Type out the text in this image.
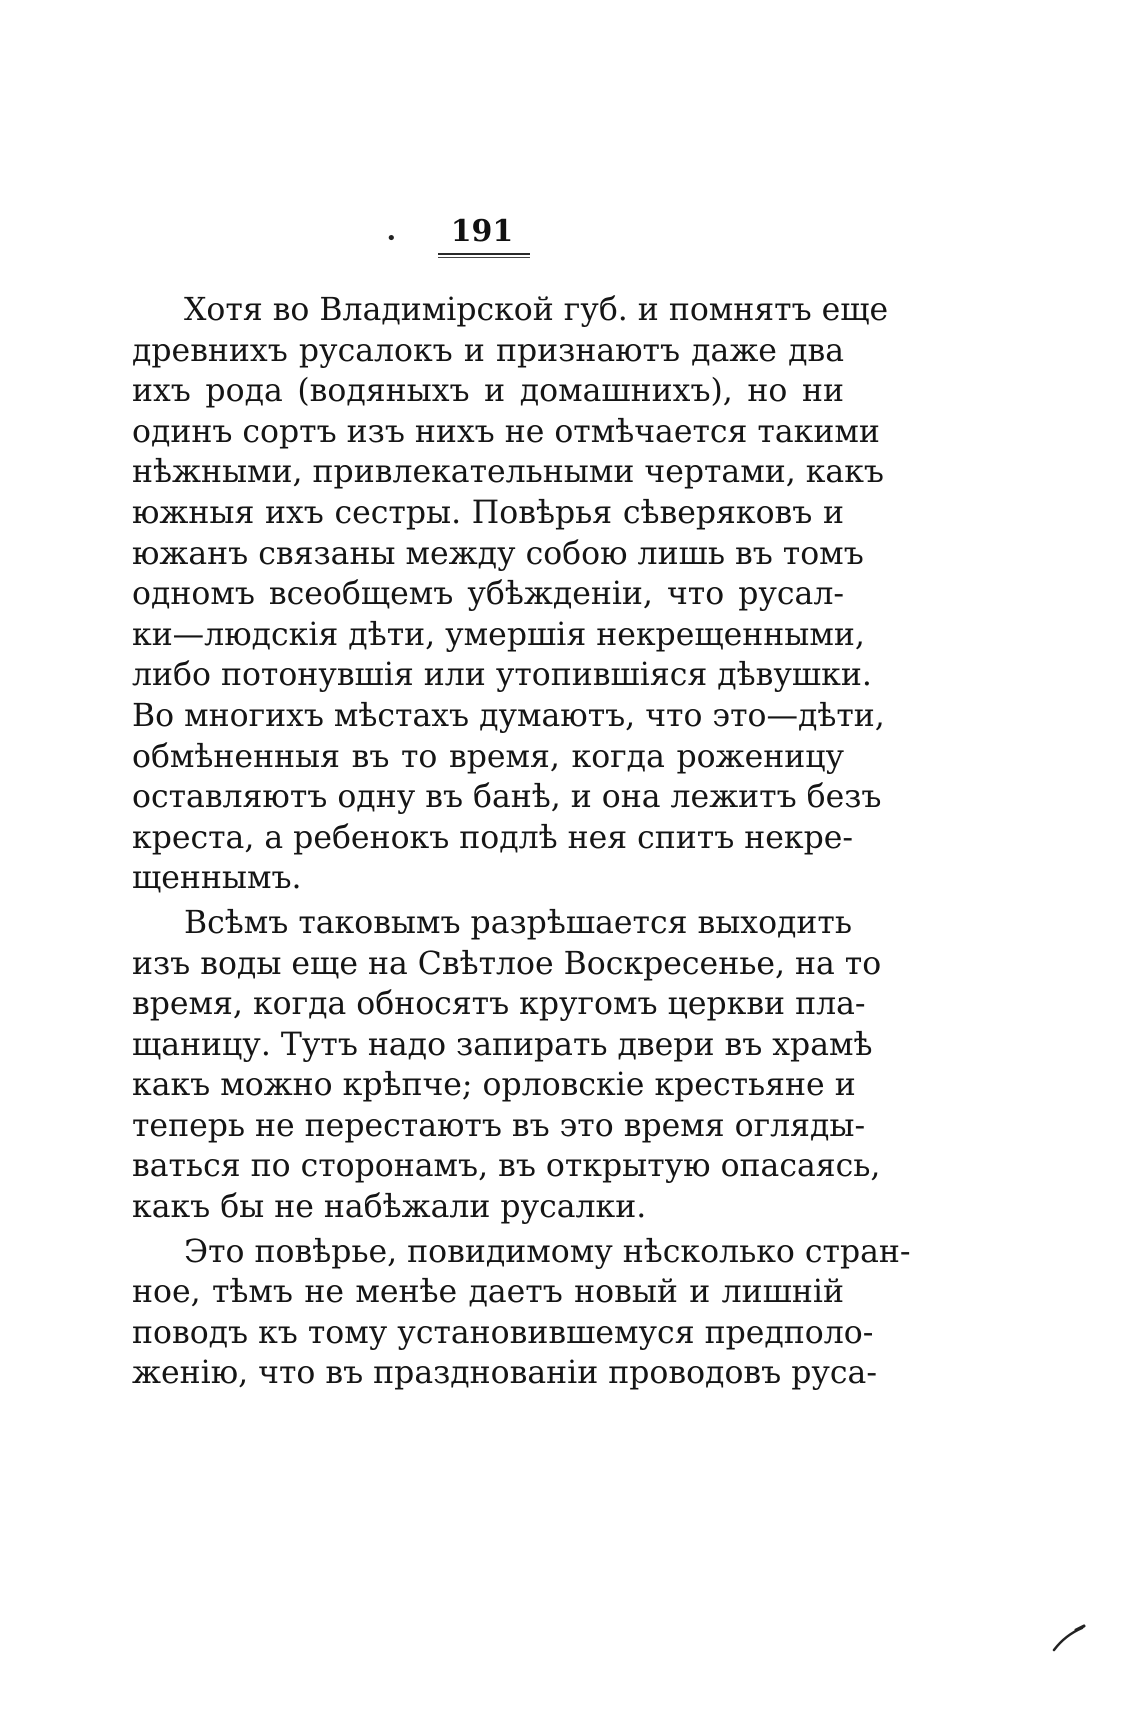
• 191
Хотя во Владимірской губ. и помнятъ еще
древнихъ русалокъ и признаютъ даже два
ихъ рода (водяныхъ и домашнихъ), но ни
одинъ сортъ изъ нихъ не отмѣчается такими
нѣжными, привлекательными чертами, какъ
южныя ихъ сестры. Повѣрья сѣверяковъ и
южанъ связаны между собою лишь въ томъ
одномъ всеобщемъ убѣжденіи, что русал-
ки—людскія дѣти, умершія некрещенными,
либо потонувшія или утопившіяся дѣвушки.
Во многихъ мѣстахъ думаютъ, что это—дѣти,
обмѣненныя въ то время, когда роженицу
оставляютъ одну въ банѣ, и она лежитъ безъ
креста, а ребенокъ подлѣ нея спитъ некре-
щеннымъ.
Всѣмъ таковымъ разрѣшается выходить
изъ воды еще на Свѣтлое Воскресенье, на то
время, когда обносятъ кругомъ церкви пла-
щаницу. Тутъ надо запирать двери въ храмѣ
какъ можно крѣпче; орловскіе крестьяне и
теперь не перестаютъ въ это время огляды-
ваться по сторонамъ, въ открытую опасаясь,
какъ бы не набѣжали русалки.
Это повѣрье, повидимому нѣсколько стран-
ное, тѣмъ не менѣе даетъ новый и лишній
поводъ къ тому установившемуся предполо-
женію, что въ празднованіи проводовъ руса-
